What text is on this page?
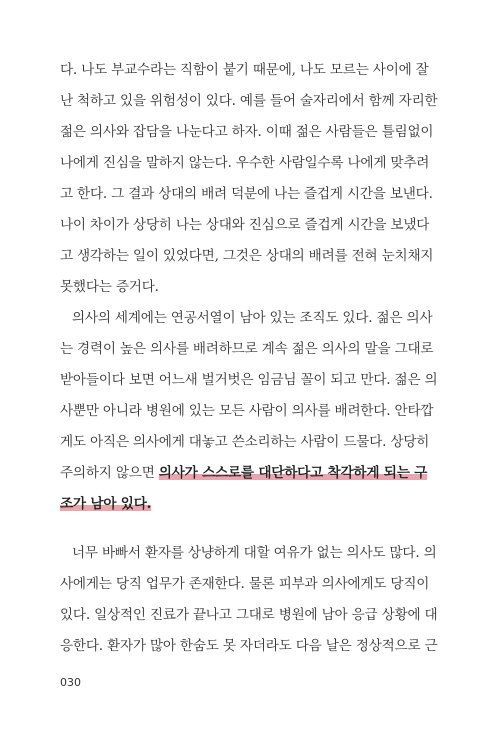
다. 나도 부교수라는 직함이 붙기 때문에, 나도 모르는 사이에 잘
난 척하고 있을 위험성이 있다. 예를 들어 술자리에서 함께 자리한
젊은 의사와 잡담을 나눈다고 하자. 이때 젊은 사람들은 틀림없이
나에게 진심을 말하지 않는다. 우수한 사람일수록 나에게 맞추려
고 한다. 그 결과 상대의 배려 덕분에 나는 즐겁게 시간을 보낸다.
나이 차이가 상당히 나는 상대와 진심으로 즐겁게 시간을 보냈다
고 생각하는 일이 있었다면, 그것은 상대의 배려를 전혀 눈치채지
못했다는 증거다.
의사의 세계에는 연공서열이 남아 있는 조직도 있다. 젊은 의사
는 경력이 높은 의사를 배려하므로 계속 젊은 의사의 말을 그대로
받아들이다 보면 어느새 벌거벗은 임금님 꼴이 되고 만다. 젊은 의
사뿐만 아니라 병원에 있는 모든 사람이 의사를 배려한다. 안타깝
게도 아직은 의사에게 대놓고 쓴소리하는 사람이 드물다. 상당히
주의하지 않으면 의사가 스스로를 대단하다고 착각하게 되는 구
조가 남아 있다.
너무 바빠서 환자를 상냥하게 대할 여유가 없는 의사도 많다. 의
사에게는 당직 업무가 존재한다. 물론 피부과 의사에게도 당직이
있다. 일상적인 진료가 끝나고 그대로 병원에 남아 응급 상황에 대
응한다. 환자가 많아 한숨도 못 자더라도 다음 날은 정상적으로 근
030
